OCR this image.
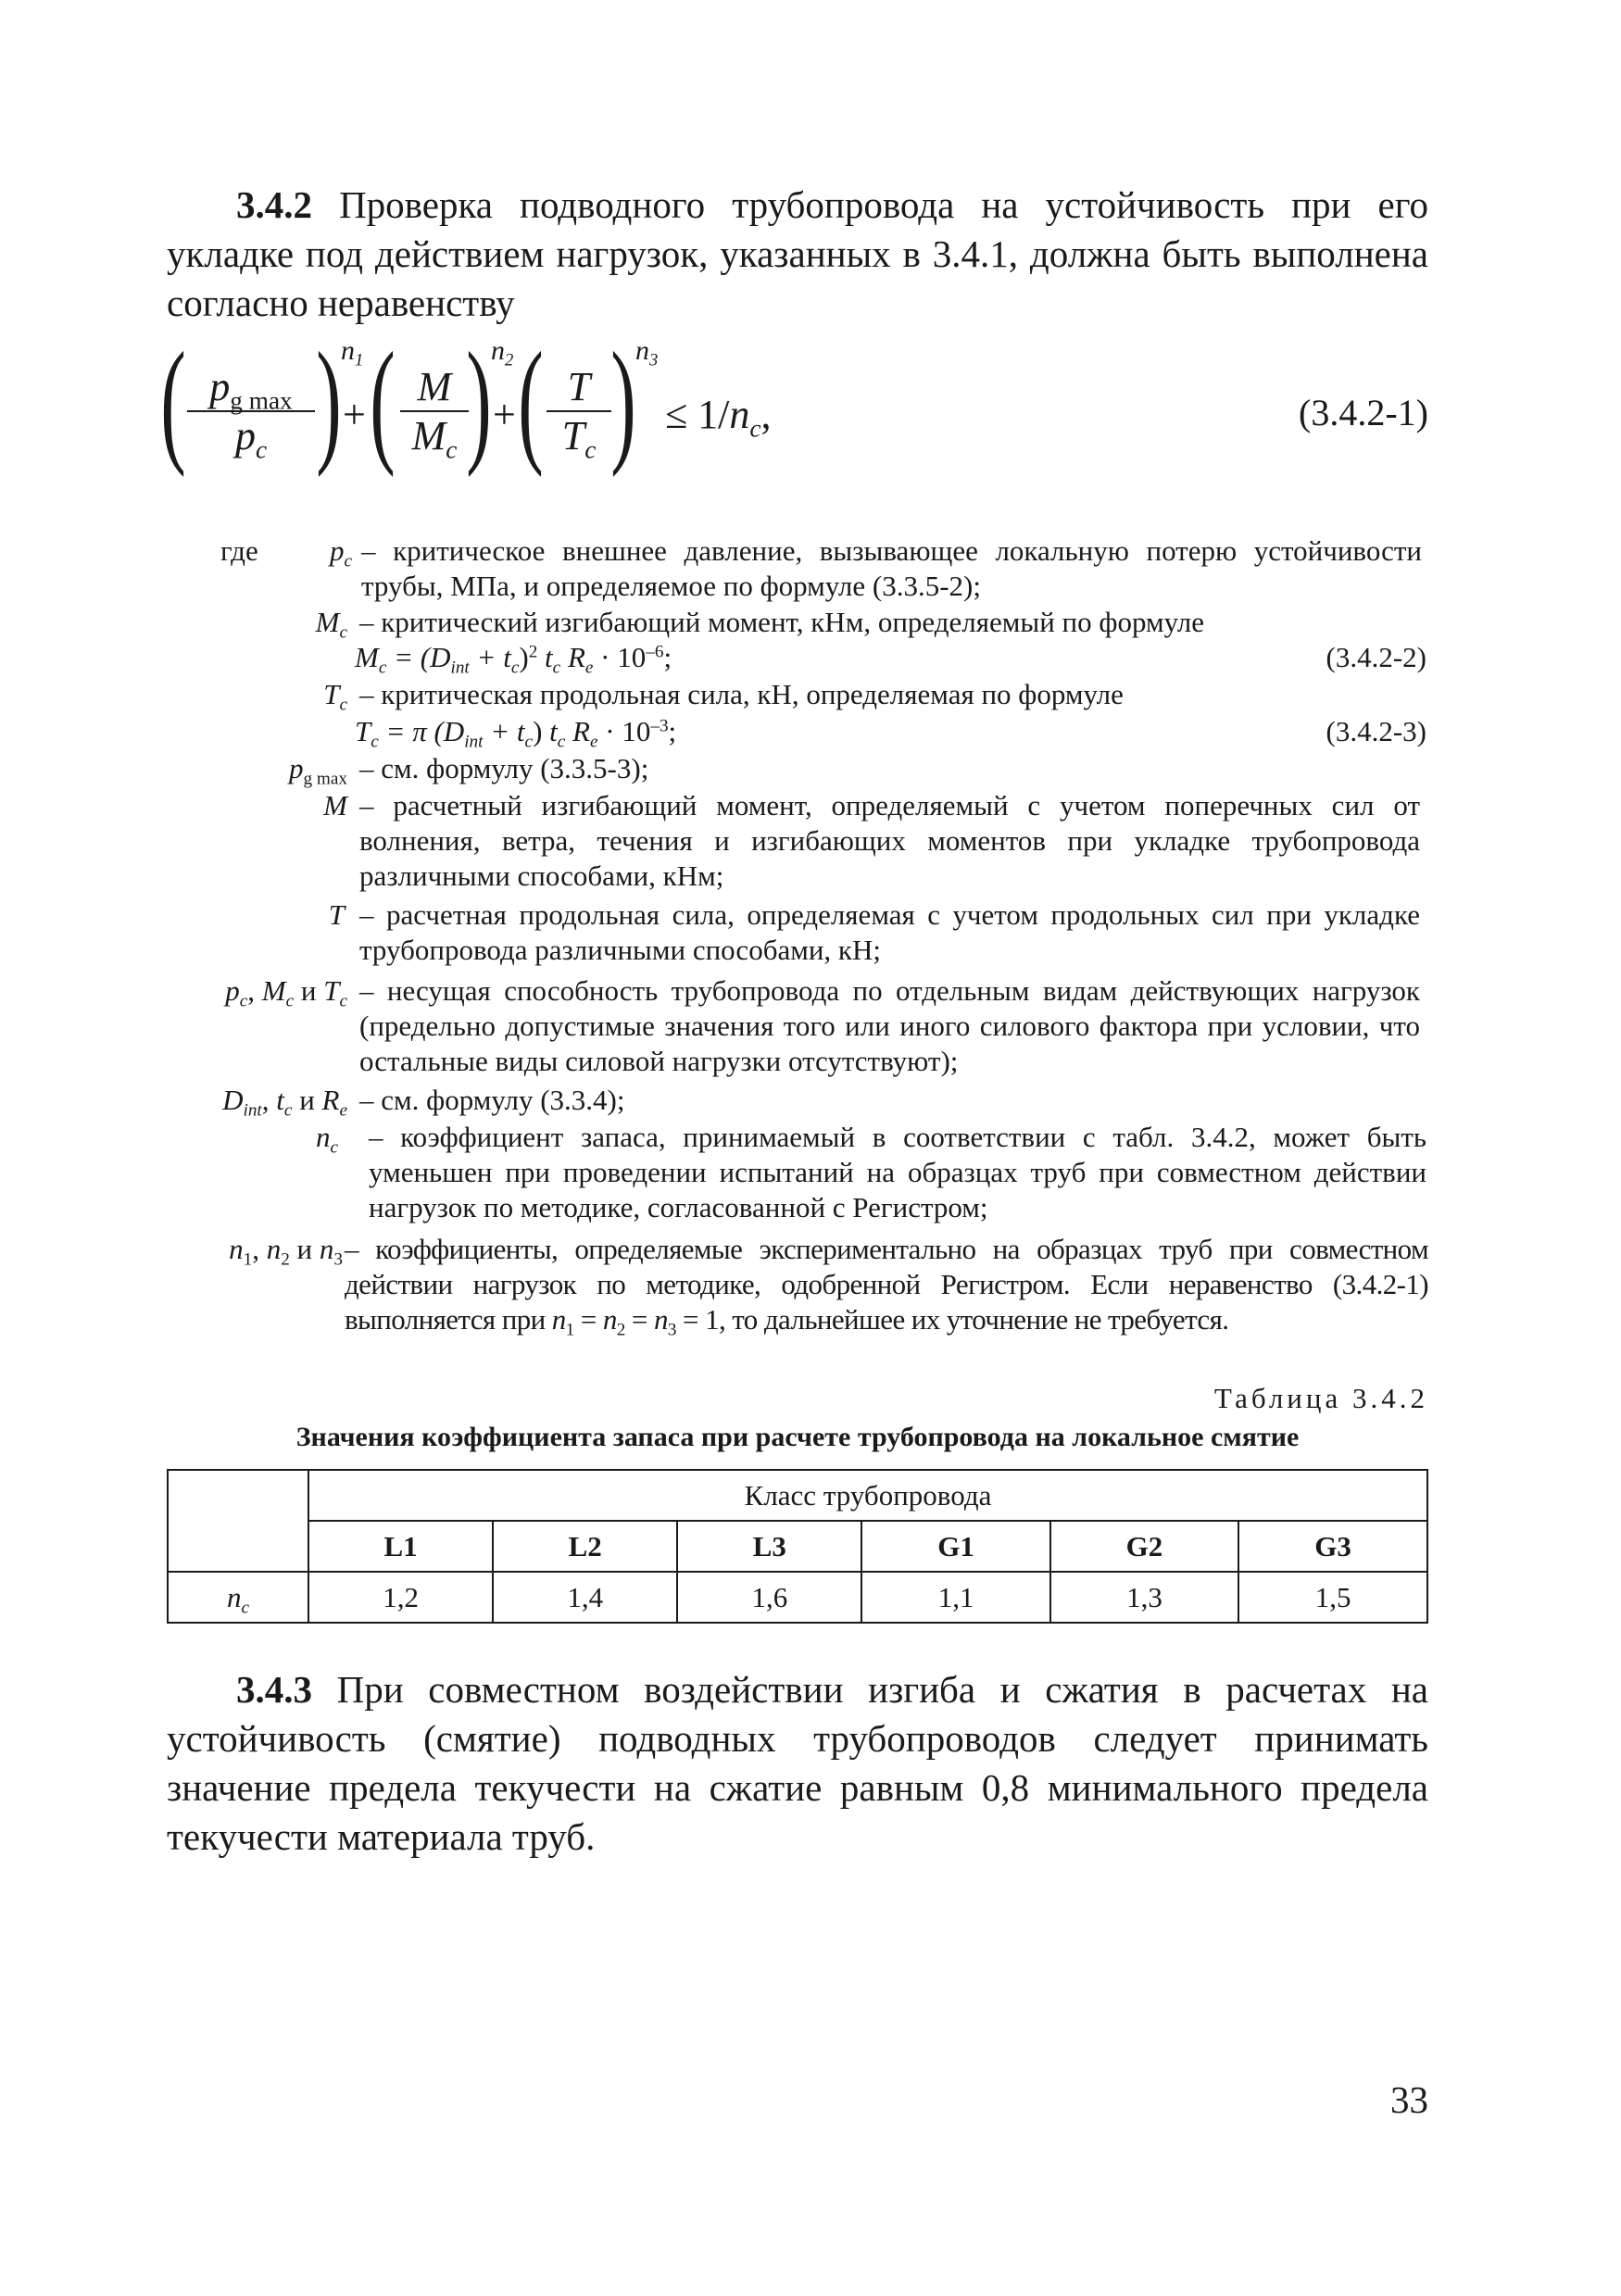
3.4.2 Проверка подводного трубопровода на устойчивость при его укладке под действием нагрузок, указанных в 3.4.1, должна быть выполнена согласно неравенству
( $p_{g max}$
$p_c$ ) $n_1$
+ ( M
$M_c$ ) $n_2$
+ ( T
$T_c$ ) $n_3$
≤ $1/n_c$,	(3.4.2-1)
где $p_c$ – критическое внешнее давление, вызывающее локальную потерю устойчивости трубы, МПа, и определяемое по формуле (3.3.5-2);
$M_c$ – критический изгибающий момент, кНм, определяемый по формуле
$M_c = (D_{int} + t_c)^2$ $t_c$ $R_e \cdot 10^{-6}$;	(3.4.2-2)
$T_c$ – критическая продольная сила, кН, определяемая по формуле
$T_c = \pi$ $(D_{int} + t_c)$ $t_c$ $R_e \cdot 10^{-3}$;	(3.4.2-3)
$p_{g max}$ – см. формулу (3.3.5-3);
M – расчетный изгибающий момент, определяемый с учетом поперечных сил от волнения, ветра, течения и изгибающих моментов при укладке трубопровода различными способами, кНм;
T – расчетная продольная сила, определяемая с учетом продольных сил при укладке трубопровода различными способами, кН;
$p_c$, $M_c$ и $T_c$ – несущая способность трубопровода по отдельным видам действующих нагрузок (предельно допустимые значения того или иного силового фактора при условии, что остальные виды силовой нагрузки отсутствуют);
$D_{int}$, $t_c$ и $R_e$ – см. формулу (3.3.4);
$n_c$ – коэффициент запаса, принимаемый в соответствии с табл. 3.4.2, может быть уменьшен при проведении испытаний на образцах труб при совместном действии нагрузок по методике, согласованной с Регистром;
$n_1$, $n_2$ и $n_3$ – коэффициенты, определяемые экспериментально на образцах труб при совместном действии нагрузок по методике, одобренной Регистром. Если неравенство (3.4.2-1) выполняется при $n_1 = n_2 = n_3 = 1$, то дальнейшее их уточнение не требуется.
Таблица 3.4.2
Значения коэффициента запаса при расчете трубопровода на локальное смятие
	Класс трубопровода					
	L1	L2	L3	G1	G2	G3
$n_c$	1,2	1,4	1,6	1,1	1,3	1,5
3.4.3 При совместном воздействии изгиба и сжатия в расчетах на устойчивость (смятие) подводных трубопроводов следует принимать значение предела текучести на сжатие равным 0,8 минимального предела текучести материала труб.
33
